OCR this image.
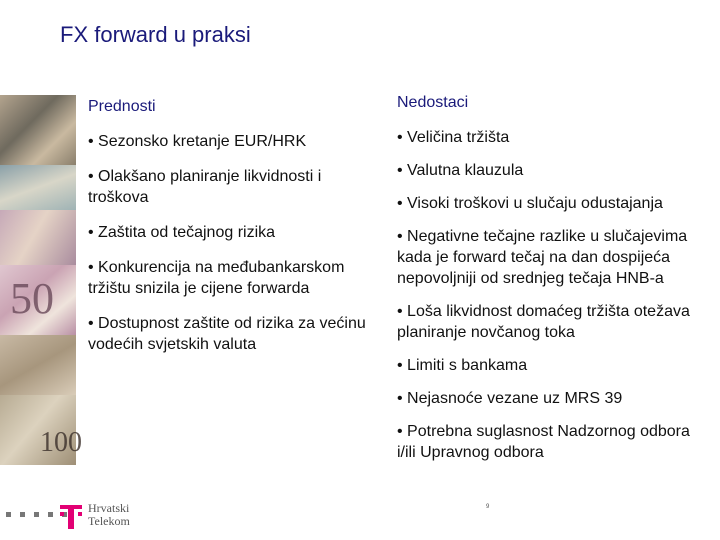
FX forward u praksi
50
100
Prednosti
• Sezonsko kretanje EUR/HRK
• Olakšano planiranje likvidnosti i troškova
• Zaštita od tečajnog rizika
• Konkurencija na međubankarskom tržištu snizila je cijene forwarda
• Dostupnost zaštite od rizika za većinu vodećih svjetskih valuta
Nedostaci
• Veličina tržišta
• Valutna klauzula
• Visoki troškovi u slučaju odustajanja
• Negativne tečajne razlike u slučajevima kada je forward tečaj na dan dospijeća nepovoljniji od srednjeg tečaja HNB-a
• Loša likvidnost domaćeg tržišta otežava planiranje novčanog toka
• Limiti s bankama
• Nejasnoće vezane uz MRS 39
• Potrebna suglasnost Nadzornog odbora i/ili Upravnog odbora
Hrvatski
Telekom
9
